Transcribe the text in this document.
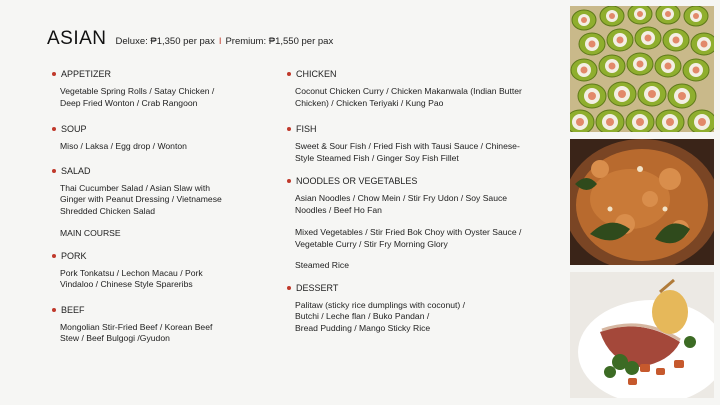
ASIAN Deluxe: ₱1,350 per pax I Premium: ₱1,550 per pax
APPETIZER
Vegetable Spring Rolls / Satay Chicken /
Deep Fried Wonton / Crab Rangoon
SOUP
Miso / Laksa / Egg drop / Wonton
SALAD
Thai Cucumber Salad / Asian Slaw with
Ginger with Peanut Dressing / Vietnamese
Shredded Chicken Salad
MAIN COURSE
PORK
Pork Tonkatsu / Lechon Macau / Pork
Vindaloo / Chinese Style Spareribs
BEEF
Mongolian Stir-Fried Beef / Korean Beef
Stew / Beef Bulgogi /Gyudon
CHICKEN
Coconut Chicken Curry / Chicken Makanwala (Indian Butter
Chicken) / Chicken Teriyaki / Kung Pao
FISH
Sweet & Sour Fish / Fried Fish with Tausi Sauce / Chinese-
Style Steamed Fish / Ginger Soy Fish Fillet
NOODLES OR VEGETABLES
Asian Noodles / Chow Mein / Stir Fry Udon / Soy Sauce
Noodles / Beef Ho Fan
Mixed Vegetables / Stir Fried Bok Choy with Oyster Sauce /
Vegetable Curry / Stir Fry Morning Glory
Steamed Rice
DESSERT
Palitaw (sticky rice dumplings with coconut) /
Butchi / Leche flan / Buko Pandan /
Bread Pudding / Mango Sticky Rice
